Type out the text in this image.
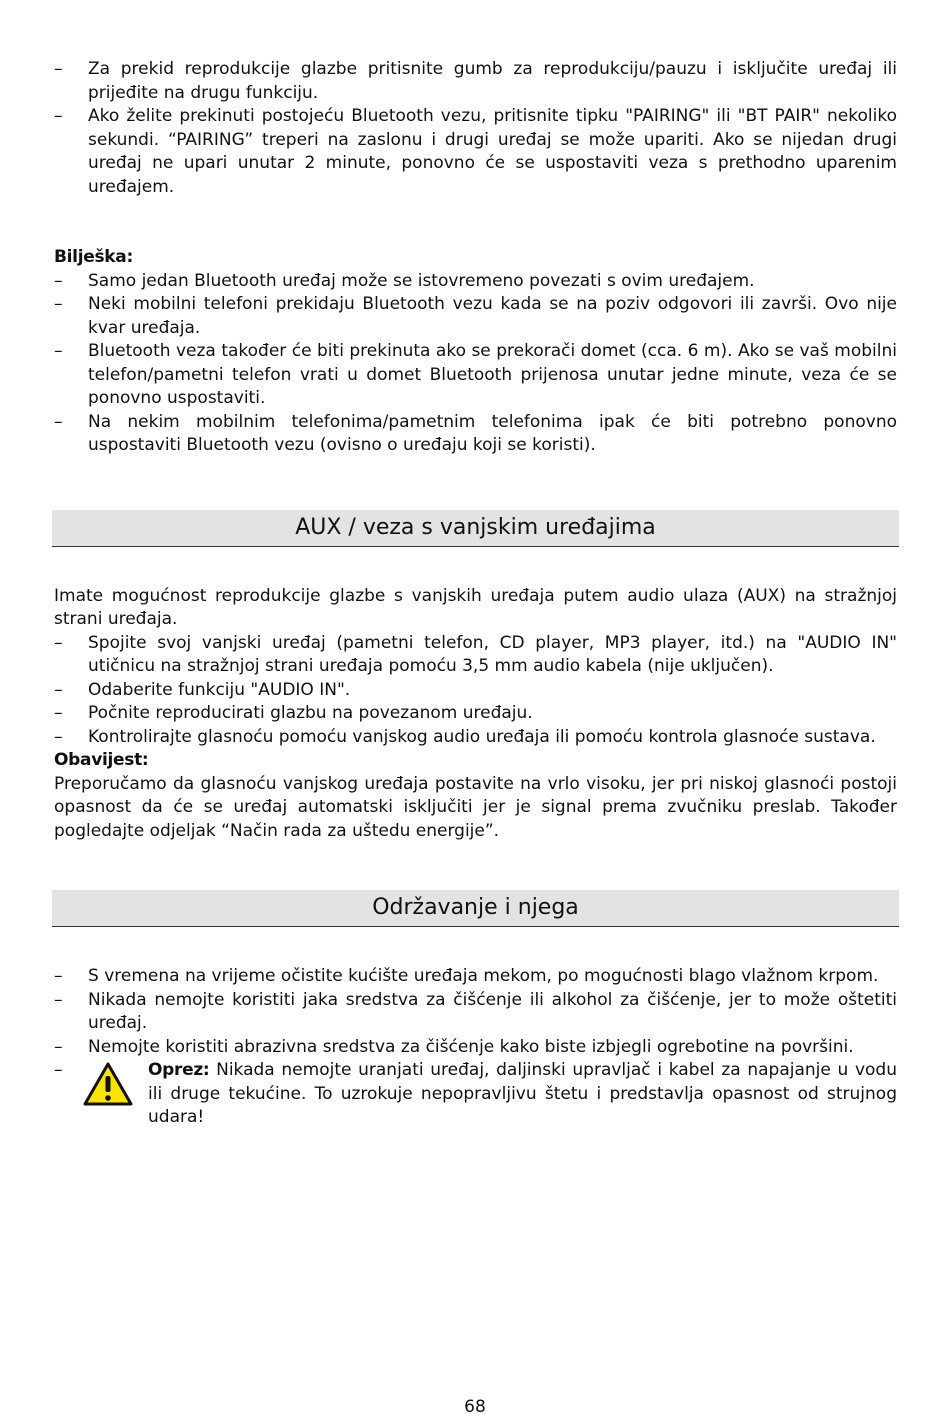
– Za prekid reprodukcije glazbe pritisnite gumb za reprodukciju/pauzu i isključite uređaj ili prijeđite na drugu funkciju.
– Ako želite prekinuti postojeću Bluetooth vezu, pritisnite tipku "PAIRING" ili "BT PAIR" nekoliko sekundi. “PAIRING” treperi na zaslonu i drugi uređaj se može upariti. Ako se nijedan drugi uređaj ne upari unutar 2 minute, ponovno će se uspostaviti veza s prethodno uparenim uređajem.
Bilješka:
– Samo jedan Bluetooth uređaj može se istovremeno povezati s ovim uređajem.
– Neki mobilni telefoni prekidaju Bluetooth vezu kada se na poziv odgovori ili završi. Ovo nije kvar uređaja.
– Bluetooth veza također će biti prekinuta ako se prekorači domet (cca. 6 m). Ako se vaš mobilni telefon/pametni telefon vrati u domet Bluetooth prijenosa unutar jedne minute, veza će se ponovno uspostaviti.
– Na nekim mobilnim telefonima/pametnim telefonima ipak će biti potrebno ponovno uspostaviti Bluetooth vezu (ovisno o uređaju koji se koristi).
AUX / veza s vanjskim uređajima

Imate mogućnost reprodukcije glazbe s vanjskih uređaja putem audio ulaza (AUX) na stražnjoj strani uređaja.

– Spojite svoj vanjski uređaj (pametni telefon, CD player, MP3 player, itd.) na "AUDIO IN" utičnicu na stražnjoj strani uređaja pomoću 3,5 mm audio kabela (nije uključen).
– Odaberite funkciju "AUDIO IN".
– Počnite reproducirati glazbu na povezanom uređaju.
– Kontrolirajte glasnoću pomoću vanjskog audio uređaja ili pomoću kontrola glasnoće sustava.
Obavijest:

Preporučamo da glasnoću vanjskog uređaja postavite na vrlo visoku, jer pri niskoj glasnoći postoji opasnost da će se uređaj automatski isključiti jer je signal prema zvučniku preslab. Također pogledajte odjeljak “Način rada za uštedu energije”.

Održavanje i njega
– S vremena na vrijeme očistite kućište uređaja mekom, po mogućnosti blago vlažnom krpom.
– Nikada nemojte koristiti jaka sredstva za čišćenje ili alkohol za čišćenje, jer to može oštetiti uređaj.
– Nemojte koristiti abrazivna sredstva za čišćenje kako biste izbjegli ogrebotine na površini.
– Oprez: Nikada nemojte uranjati uređaj, daljinski upravljač i kabel za napajanje u vodu ili druge tekućine. To uzrokuje nepopravljivu štetu i predstavlja opasnost od strujnog udara!
68
